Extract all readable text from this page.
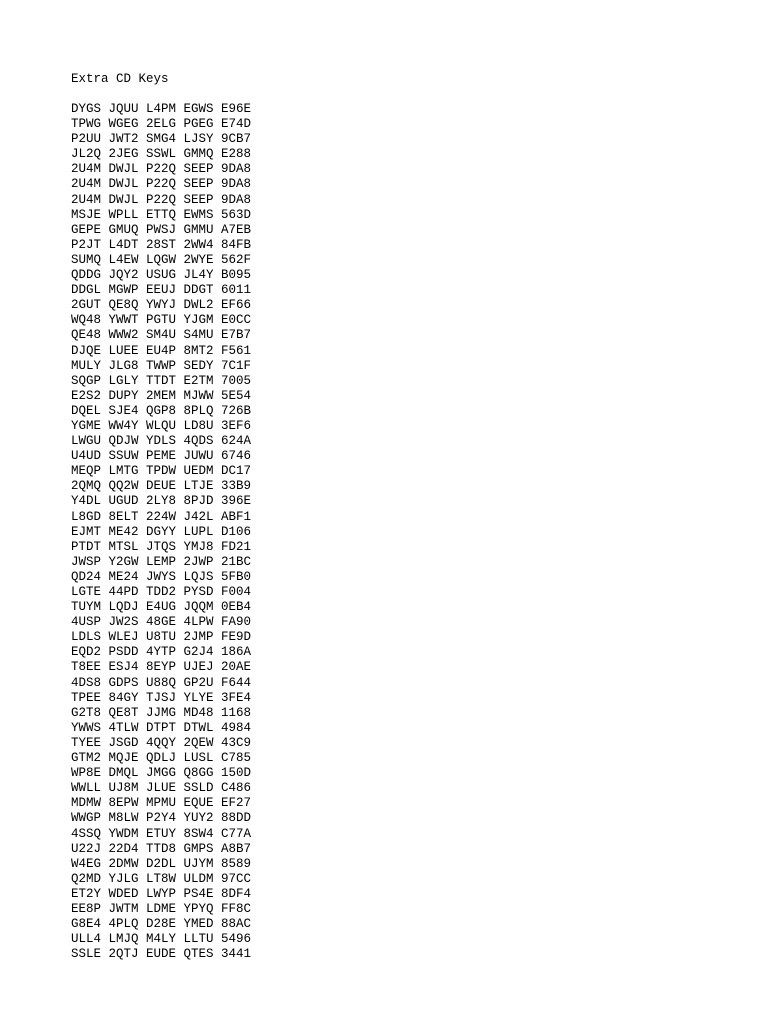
Extra CD Keys
DYGS JQUU L4PM EGWS E96E
TPWG WGEG 2ELG PGEG E74D
P2UU JWT2 SMG4 LJSY 9CB7
JL2Q 2JEG SSWL GMMQ E288
2U4M DWJL P22Q SEEP 9DA8
2U4M DWJL P22Q SEEP 9DA8
2U4M DWJL P22Q SEEP 9DA8
MSJE WPLL ETTQ EWMS 563D
GEPE GMUQ PWSJ GMMU A7EB
P2JT L4DT 28ST 2WW4 84FB
SUMQ L4EW LQGW 2WYE 562F
QDDG JQY2 USUG JL4Y B095
DDGL MGWP EEUJ DDGT 6011
2GUT QE8Q YWYJ DWL2 EF66
WQ48 YWWT PGTU YJGM E0CC
QE48 WWW2 SM4U S4MU E7B7
DJQE LUEE EU4P 8MT2 F561
MULY JLG8 TWWP SEDY 7C1F
SQGP LGLY TTDT E2TM 7005
E2S2 DUPY 2MEM MJWW 5E54
DQEL SJE4 QGP8 8PLQ 726B
YGME WW4Y WLQU LD8U 3EF6
LWGU QDJW YDLS 4QDS 624A
U4UD SSUW PEME JUWU 6746
MEQP LMTG TPDW UEDM DC17
2QMQ QQ2W DEUE LTJE 33B9
Y4DL UGUD 2LY8 8PJD 396E
L8GD 8ELT 224W J42L ABF1
EJMT ME42 DGYY LUPL D106
PTDT MTSL JTQS YMJ8 FD21
JWSP Y2GW LEMP 2JWP 21BC
QD24 ME24 JWYS LQJS 5FB0
LGTE 44PD TDD2 PYSD F004
TUYM LQDJ E4UG JQQM 0EB4
4USP JW2S 48GE 4LPW FA90
LDLS WLEJ U8TU 2JMP FE9D
EQD2 PSDD 4YTP G2J4 186A
T8EE ESJ4 8EYP UJEJ 20AE
4DS8 GDPS U88Q GP2U F644
TPEE 84GY TJSJ YLYE 3FE4
G2T8 QE8T JJMG MD48 1168
YWWS 4TLW DTPT DTWL 4984
TYEE JSGD 4QQY 2QEW 43C9
GTM2 MQJE QDLJ LUSL C785
WP8E DMQL JMGG Q8GG 150D
WWLL UJ8M JLUE SSLD C486
MDMW 8EPW MPMU EQUE EF27
WWGP M8LW P2Y4 YUY2 88DD
4SSQ YWDM ETUY 8SW4 C77A
U22J 22D4 TTD8 GMPS A8B7
W4EG 2DMW D2DL UJYM 8589
Q2MD YJLG LT8W ULDM 97CC
ET2Y WDED LWYP PS4E 8DF4
EE8P JWTM LDME YPYQ FF8C
G8E4 4PLQ D28E YMED 88AC
ULL4 LMJQ M4LY LLTU 5496
SSLE 2QTJ EUDE QTES 3441
